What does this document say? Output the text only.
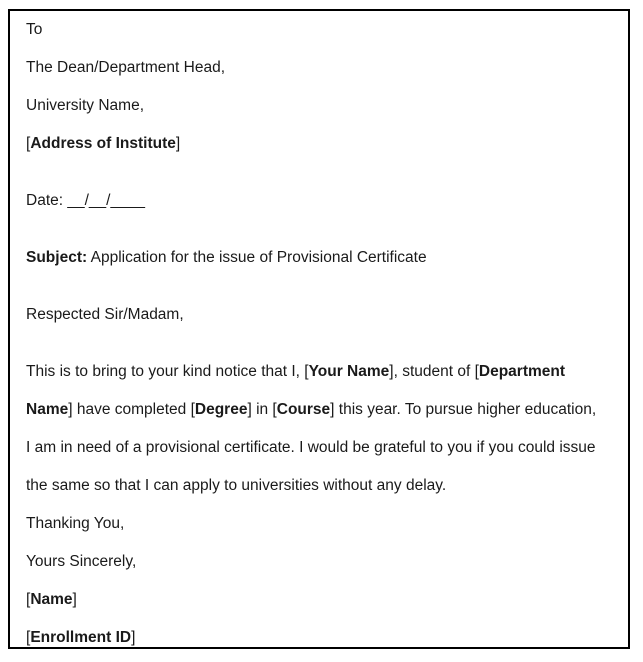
To
The Dean/Department Head,
University Name,
[Address of Institute]
Date: __/__/____
Subject: Application for the issue of Provisional Certificate
Respected Sir/Madam,
This is to bring to your kind notice that I, [Your Name], student of [Department
Name] have completed [Degree] in [Course] this year. To pursue higher education,
I am in need of a provisional certificate. I would be grateful to you if you could issue
the same so that I can apply to universities without any delay.
Thanking You,
Yours Sincerely,
[Name]
[Enrollment ID]
